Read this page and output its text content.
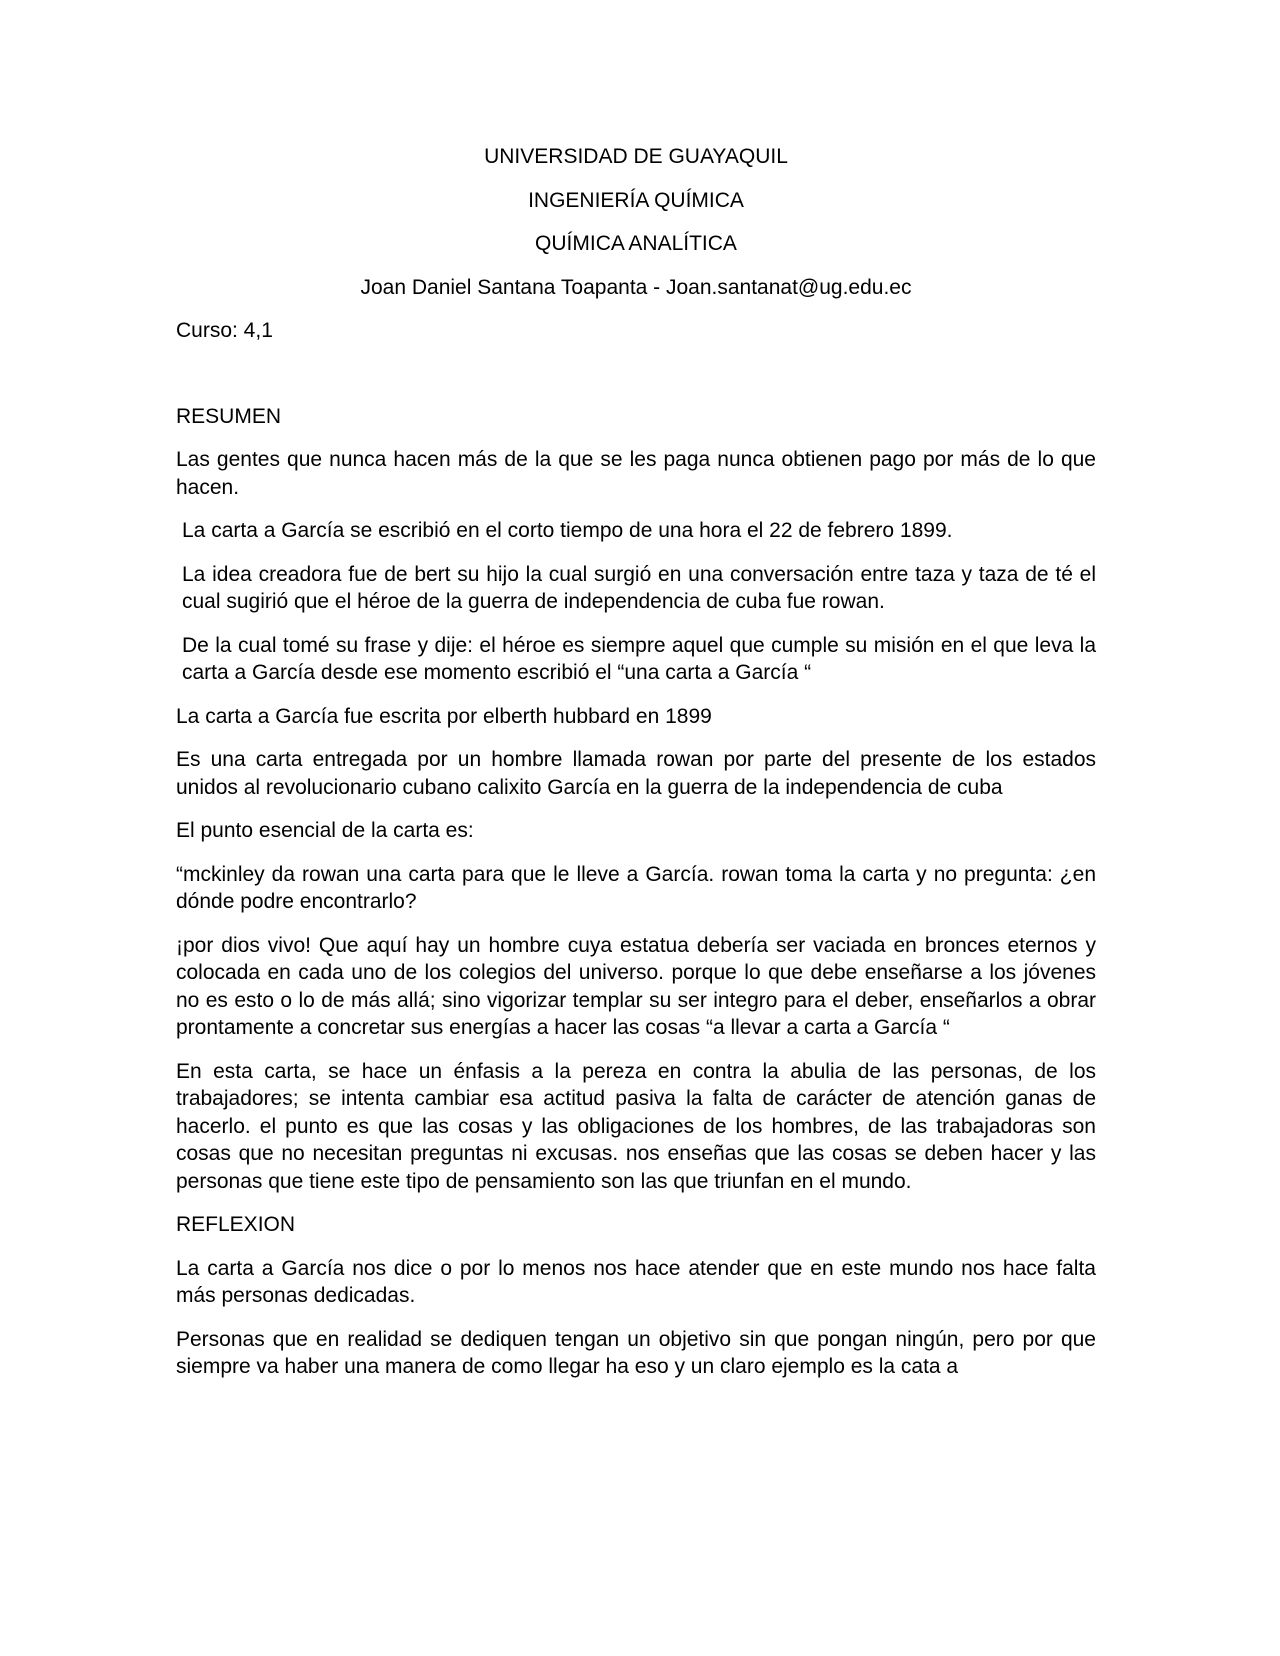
UNIVERSIDAD DE GUAYAQUIL
INGENIERÍA QUÍMICA
QUÍMICA ANALÍTICA
Joan Daniel Santana Toapanta - Joan.santanat@ug.edu.ec
Curso: 4,1
RESUMEN

Las gentes que nunca hacen más de la que se les paga nunca obtienen pago por más de lo que hacen.

La carta a García se escribió en el corto tiempo de una hora el 22 de febrero 1899.

La idea creadora fue de bert su hijo la cual surgió en una conversación entre taza y taza de té el cual sugirió que el héroe de la guerra de independencia de cuba fue rowan.

De la cual tomé su frase y dije: el héroe es siempre aquel que cumple su misión en el que leva la carta a García desde ese momento escribió el “una carta a García “

La carta a García fue escrita por elberth hubbard en 1899

Es una carta entregada por un hombre llamada rowan por parte del presente de los estados unidos al revolucionario cubano calixito García en la guerra de la independencia de cuba

El punto esencial de la carta es:

“mckinley da rowan una carta para que le lleve a García. rowan toma la carta y no pregunta: ¿en dónde podre encontrarlo?

¡por dios vivo! Que aquí hay un hombre cuya estatua debería ser vaciada en bronces eternos y colocada en cada uno de los colegios del universo. porque lo que debe enseñarse a los jóvenes no es esto o lo de más allá; sino vigorizar templar su ser integro para el deber, enseñarlos a obrar prontamente a concretar sus energías a hacer las cosas “a llevar a carta a García “

En esta carta, se hace un énfasis a la pereza en contra la abulia de las personas, de los trabajadores; se intenta cambiar esa actitud pasiva la falta de carácter de atención ganas de hacerlo. el punto es que las cosas y las obligaciones de los hombres, de las trabajadoras son cosas que no necesitan preguntas ni excusas. nos enseñas que las cosas se deben hacer y las personas que tiene este tipo de pensamiento son las que triunfan en el mundo.

REFLEXION

La carta a García nos dice o por lo menos nos hace atender que en este mundo nos hace falta más personas dedicadas.

Personas que en realidad se dediquen tengan un objetivo sin que pongan ningún, pero por que siempre va haber una manera de como llegar ha eso y un claro ejemplo es la cata a
